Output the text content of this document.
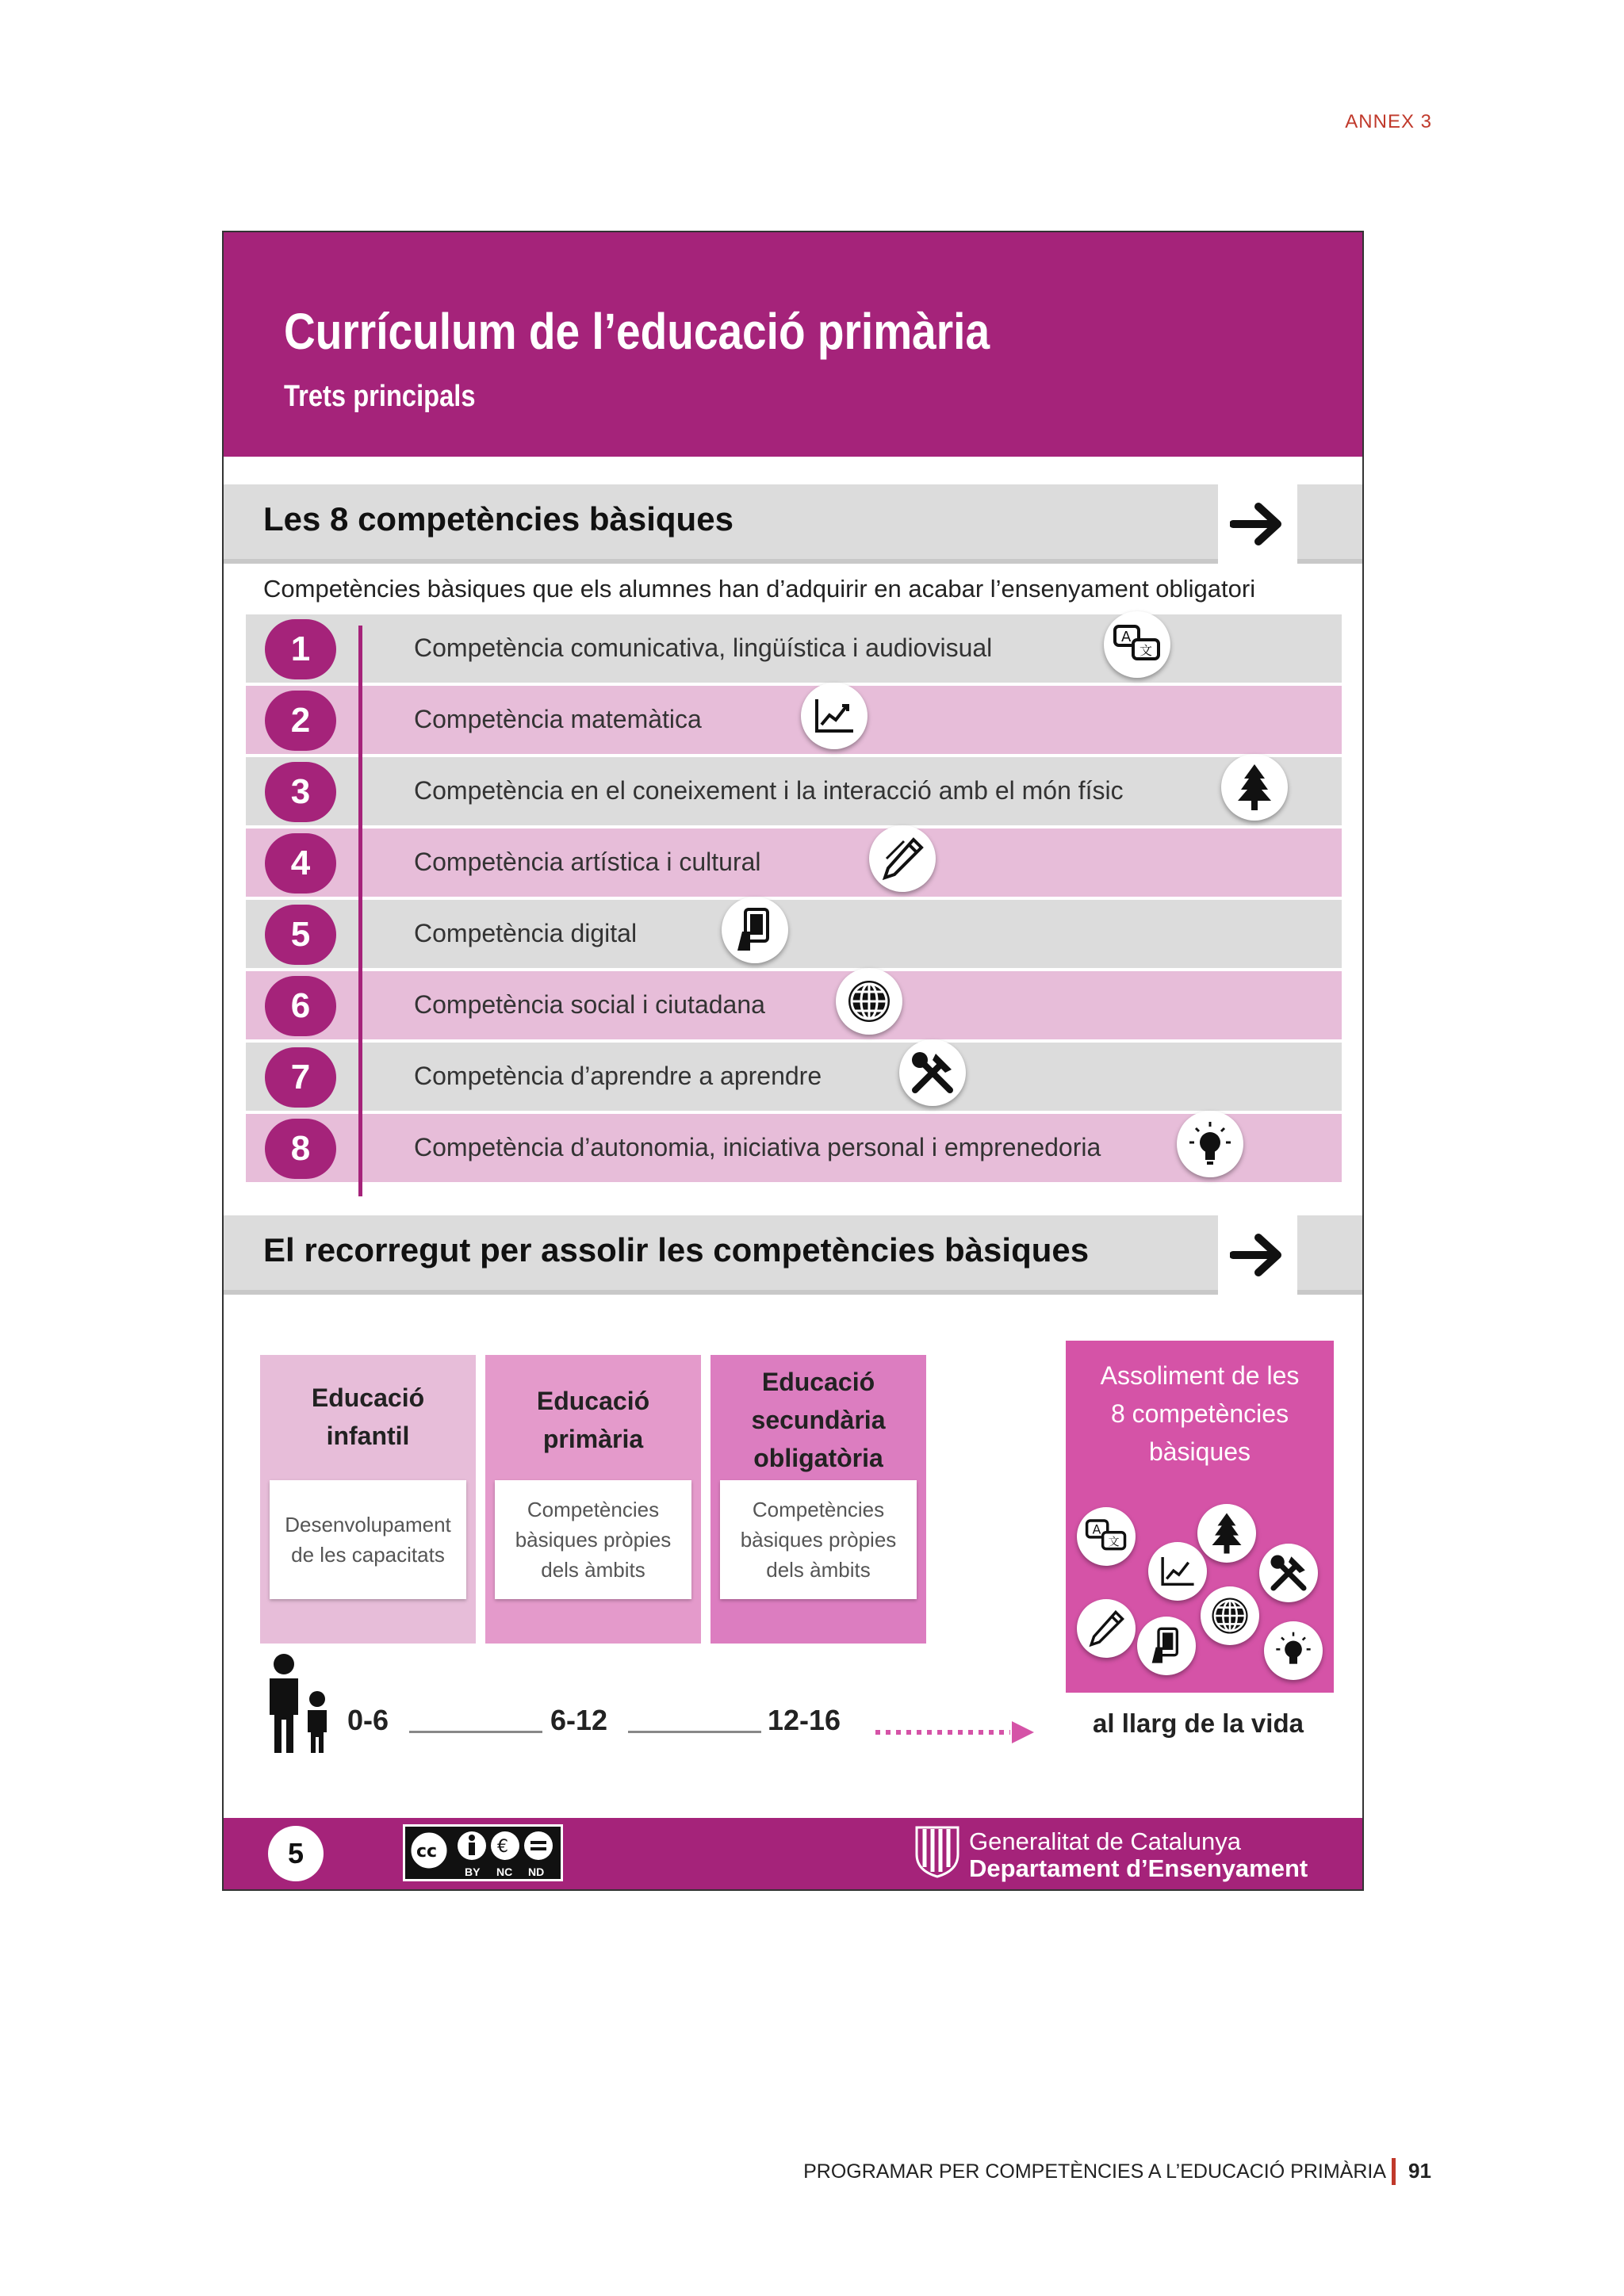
ANNEX 3
Currículum de l’educació primària
Trets principals
Les 8 competències bàsiques
Competències bàsiques que els alumnes han d’adquirir en acabar l’ensenyament obligatori
1	Competència comunicativa, lingüística i audiovisual	A
文
2	Competència matemàtica
3	Competència en el coneixement i la interacció amb el món físic
4	Competència artística i cultural
5	Competència digital
6	Competència social i ciutadana
7	Competència d’aprendre a aprendre
8	Competència d’autonomia, iniciativa personal i emprenedoria
El recorregut per assolir les competències bàsiques
Educació
infantil
Desenvolupament
de les capacitats
Educació
primària
Competències
bàsiques pròpies
dels àmbits
Educació
secundària
obligatòria
Competències
bàsiques pròpies
dels àmbits
Assoliment de les
8 competències
bàsiques
A
文
0-6	6-12	12-16	al llarg de la vida
5	cc	€
BY NC ND
Generalitat de Catalunya
Departament d’Ensenyament
PROGRAMAR PER COMPETÈNCIES A L’EDUCACIÓ PRIMÀRIA 91
